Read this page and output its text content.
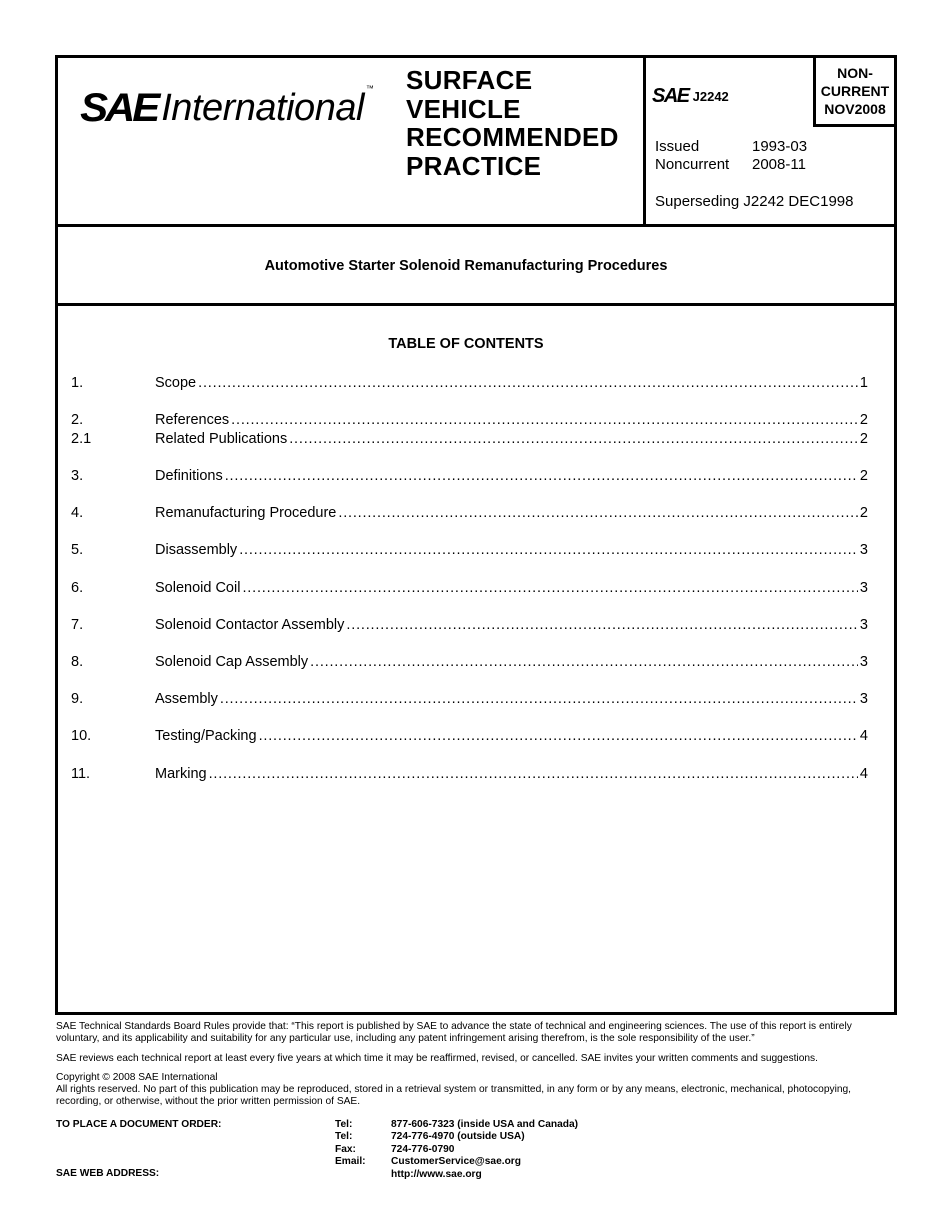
SAE International ™ SURFACE
VEHICLE
RECOMMENDED
PRACTICE
SAE J2242
NON-
CURRENT
NOV2008
Issued	1993-03
Noncurrent	2008-11
Superseding J2242 DEC1998
Automotive Starter Solenoid Remanufacturing Procedures
TABLE OF CONTENTS
1.	Scope .....	1
2.	References .....	2
2.1	Related Publications .....	2
3.	Definitions .....	2
4.	Remanufacturing Procedure .....	2
5.	Disassembly .....	3
6.	Solenoid Coil .....	3
7.	Solenoid Contactor Assembly .....	3
8.	Solenoid Cap Assembly .....	3
9.	Assembly .....	3
10.	Testing/Packing .....	4
11.	Marking .....	4
SAE Technical Standards Board Rules provide that: “This report is published by SAE to advance the state of technical and engineering sciences. The use of this report is entirely voluntary, and its applicability and suitability for any particular use, including any patent infringement arising therefrom, is the sole responsibility of the user.”
SAE reviews each technical report at least every five years at which time it may be reaffirmed, revised, or cancelled. SAE invites your written comments and suggestions.
Copyright © 2008 SAE International
All rights reserved. No part of this publication may be reproduced, stored in a retrieval system or transmitted, in any form or by any means, electronic, mechanical, photocopying, recording, or otherwise, without the prior written permission of SAE.
TO PLACE A DOCUMENT ORDER:
SAE WEB ADDRESS:
Tel:	877-606-7323 (inside USA and Canada)
Tel:	724-776-4970 (outside USA)
Fax:	724-776-0790
Email:	CustomerService@sae.org
http://www.sae.org
